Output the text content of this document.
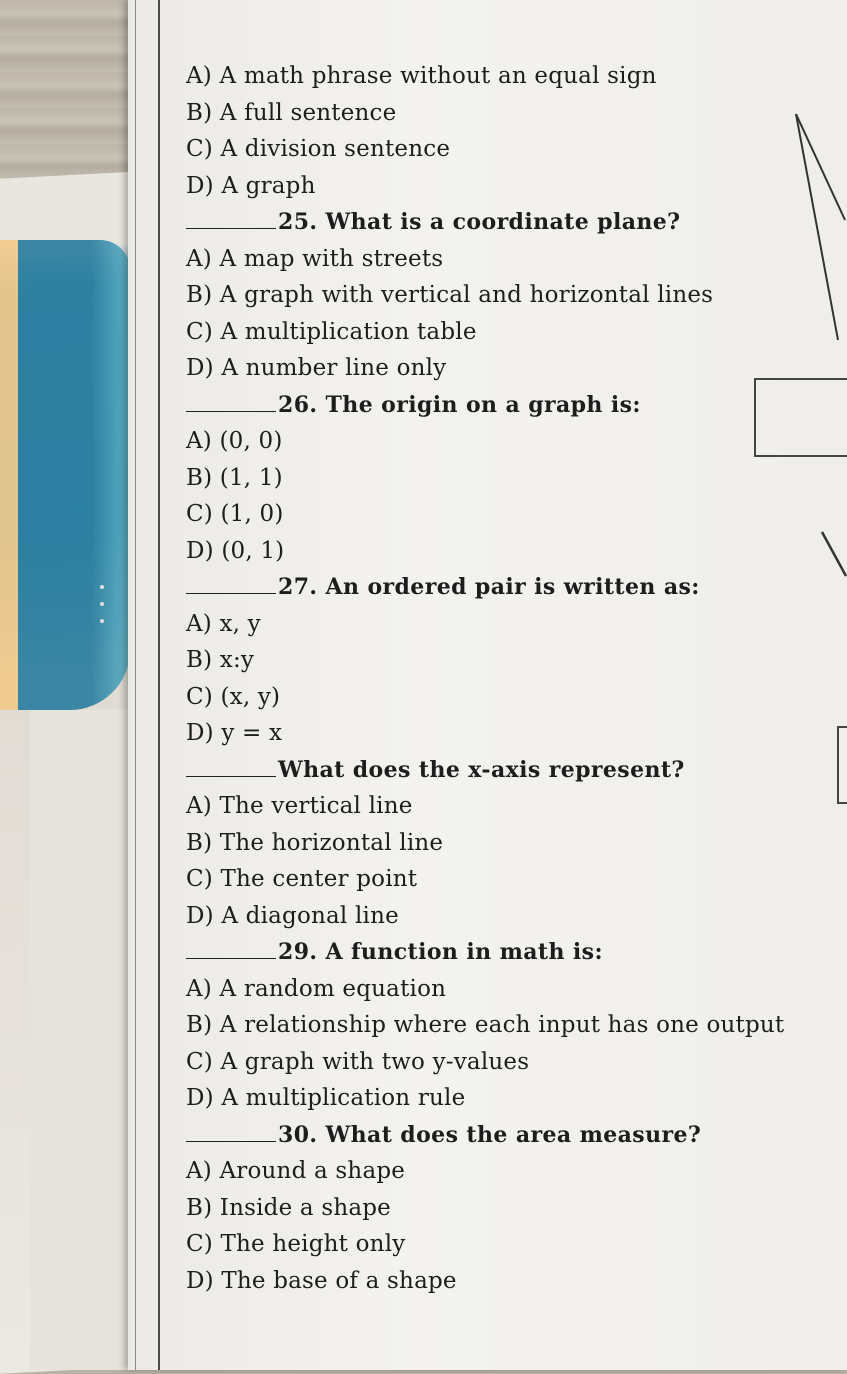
A) A math phrase without an equal sign
B) A full sentence
C) A division sentence
D) A graph
25. What is a coordinate plane?
A) A map with streets
B) A graph with vertical and horizontal lines
C) A multiplication table
D) A number line only
26. The origin on a graph is:
A) (0, 0)
B) (1, 1)
C) (1, 0)
D) (0, 1)
27. An ordered pair is written as:
A) x, y
B) x:y
C) (x, y)
D) y = x
What does the x-axis represent?
A) The vertical line
B) The horizontal line
C) The center point
D) A diagonal line
29. A function in math is:
A) A random equation
B) A relationship where each input has one output
C) A graph with two y-values
D) A multiplication rule
30. What does the area measure?
A) Around a shape
B) Inside a shape
C) The height only
D) The base of a shape
